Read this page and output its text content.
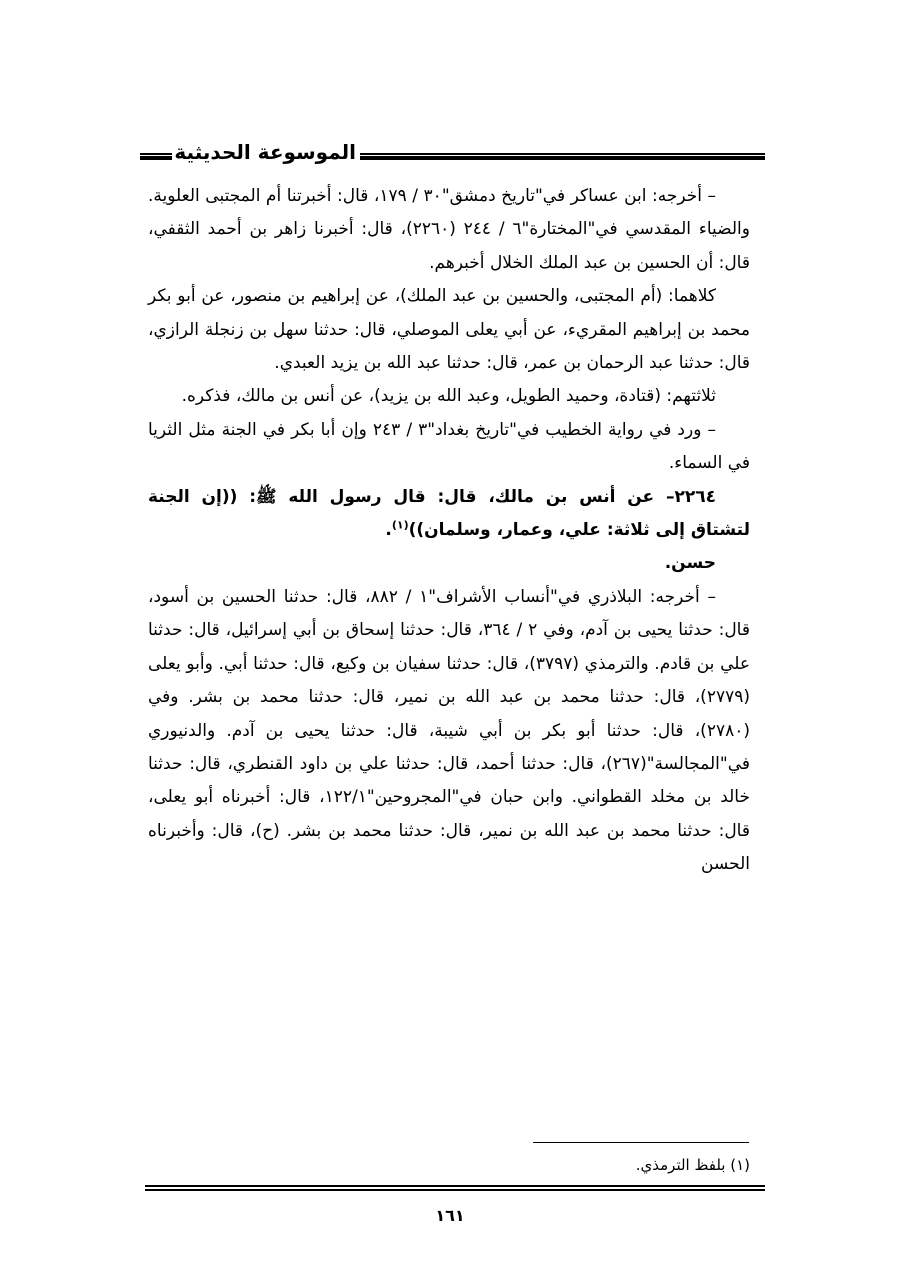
الموسوعة الحديثية

– أخرجه: ابن عساكر في"تاريخ دمشق"٣٠ / ١٧٩، قال: أخبرتنا أم المجتبى العلوية. والضياء المقدسي في"المختارة"٦ / ٢٤٤ (٢٢٦٠)، قال: أخبرنا زاهر بن أحمد الثقفي، قال: أن الحسين بن عبد الملك الخلال أخبرهم.

كلاهما: (أم المجتبى، والحسين بن عبد الملك)، عن إبراهيم بن منصور، عن أبو بكر محمد بن إبراهيم المقريء، عن أبي يعلى الموصلي، قال: حدثنا سهل بن زنجلة الرازي، قال: حدثنا عبد الرحمان بن عمر، قال: حدثنا عبد الله بن يزيد العبدي.

ثلاثتهم: (قتادة، وحميد الطويل، وعبد الله بن يزيد)، عن أنس بن مالك، فذكره.

– ورد في رواية الخطيب في"تاريخ بغداد"٣ / ٢٤٣ وإن أبا بكر في الجنة مثل الثريا في السماء.

٢٢٦٤– عن أنس بن مالك، قال: قال رسول الله ﷺ: ((إن الجنة لتشتاق إلى ثلاثة: علي، وعمار، وسلمان))$^{(١)}$.

حسن.

– أخرجه: البلاذري في"أنساب الأشراف"١ / ٨٨٢، قال: حدثنا الحسين بن أسود، قال: حدثنا يحيى بن آدم، وفي ٢ / ٣٦٤، قال: حدثنا إسحاق بن أبي إسرائيل، قال: حدثنا علي بن قادم. والترمذي (٣٧٩٧)، قال: حدثنا سفيان بن وكيع، قال: حدثنا أبي. وأبو يعلى (٢٧٧٩)، قال: حدثنا محمد بن عبد الله بن نمير، قال: حدثنا محمد بن بشر. وفي (٢٧٨٠)، قال: حدثنا أبو بكر بن أبي شيبة، قال: حدثنا يحيى بن آدم. والدنيوري في"المجالسة"(٢٦٧)، قال: حدثنا أحمد، قال: حدثنا علي بن داود القنطري، قال: حدثنا خالد بن مخلد القطواني. وابن حبان في"المجروحين"١٢٢/١، قال: أخبرناه أبو يعلى، قال: حدثنا محمد بن عبد الله بن نمير، قال: حدثنا محمد بن بشر. (ح)، قال: وأخبرناه الحسن

(١) بلفظ الترمذي.
١٦١
